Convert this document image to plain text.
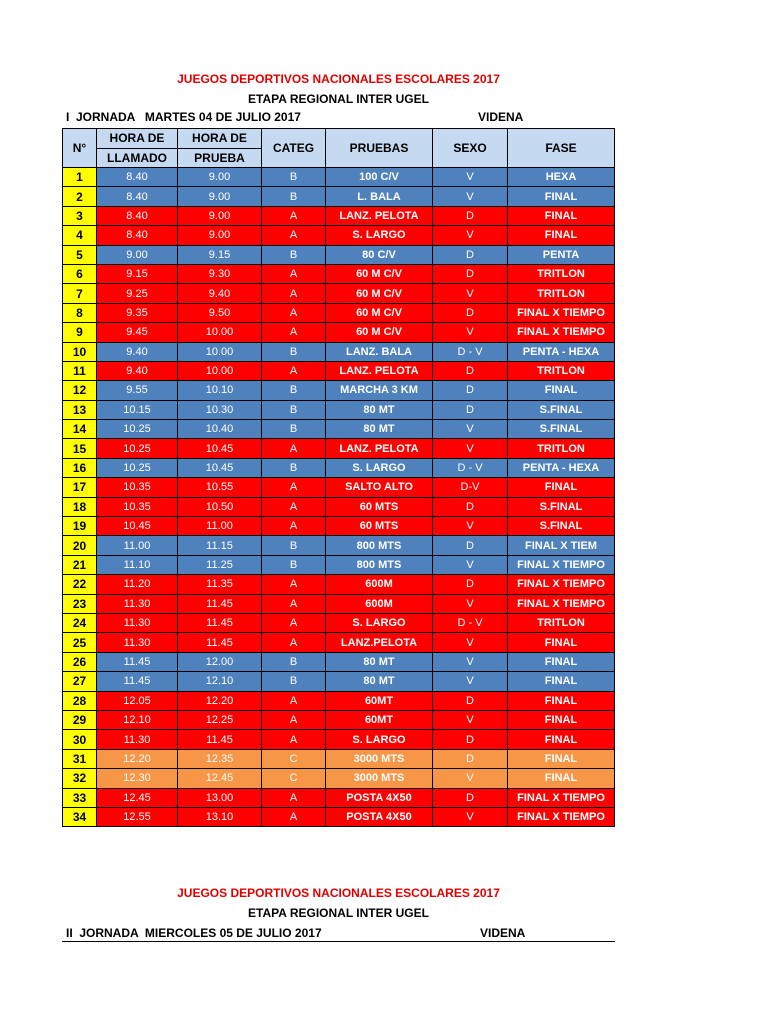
JUEGOS DEPORTIVOS NACIONALES ESCOLARES 2017
ETAPA REGIONAL INTER UGEL
I  JORNADA   MARTES 04 DE JULIO 2017	VIDENA
N°	HORA DE	HORA DE	CATEG	PRUEBAS	SEXO	FASE
	LLAMADO	PRUEBA				
1	8.40	9.00	B	100 C/V	V	HEXA
2	8.40	9.00	B	L. BALA	V	FINAL
3	8.40	9.00	A	LANZ. PELOTA	D	FINAL
4	8.40	9.00	A	S. LARGO	V	FINAL
5	9.00	9.15	B	80 C/V	D	PENTA
6	9.15	9.30	A	60 M C/V	D	TRITLON
7	9.25	9.40	A	60 M C/V	V	TRITLON
8	9.35	9.50	A	60 M C/V	D	FINAL X TIEMPO
9	9.45	10.00	A	60 M C/V	V	FINAL X TIEMPO
10	9.40	10.00	B	LANZ. BALA	D - V	PENTA - HEXA
11	9.40	10.00	A	LANZ. PELOTA	D	TRITLON
12	9.55	10.10	B	MARCHA 3 KM	D	FINAL
13	10.15	10.30	B	80 MT	D	S.FINAL
14	10.25	10.40	B	80 MT	V	S.FINAL
15	10.25	10.45	A	LANZ. PELOTA	V	TRITLON
16	10.25	10.45	B	S. LARGO	D - V	PENTA - HEXA
17	10.35	10.55	A	SALTO ALTO	D-V	FINAL
18	10.35	10.50	A	60 MTS	D	S.FINAL
19	10.45	11.00	A	60 MTS	V	S.FINAL
20	11.00	11.15	B	800 MTS	D	FINAL X TIEM
21	11.10	11.25	B	800 MTS	V	FINAL X TIEMPO
22	11.20	11.35	A	600M	D	FINAL X TIEMPO
23	11.30	11.45	A	600M	V	FINAL X TIEMPO
24	11.30	11.45	A	S. LARGO	D - V	TRITLON
25	11.30	11.45	A	LANZ.PELOTA	V	FINAL
26	11.45	12.00	B	80 MT	V	FINAL
27	11.45	12.10	B	80 MT	V	FINAL
28	12.05	12.20	A	60MT	D	FINAL
29	12.10	12.25	A	60MT	V	FINAL
30	11.30	11.45	A	S. LARGO	D	FINAL
31	12.20	12.35	C	3000 MTS	D	FINAL
32	12.30	12.45	C	3000 MTS	V	FINAL
33	12.45	13.00	A	POSTA 4X50	D	FINAL X TIEMPO
34	12.55	13.10	A	POSTA 4X50	V	FINAL X TIEMPO
JUEGOS DEPORTIVOS NACIONALES ESCOLARES 2017
ETAPA REGIONAL INTER UGEL
II  JORNADA  MIERCOLES 05 DE JULIO 2017	VIDENA
